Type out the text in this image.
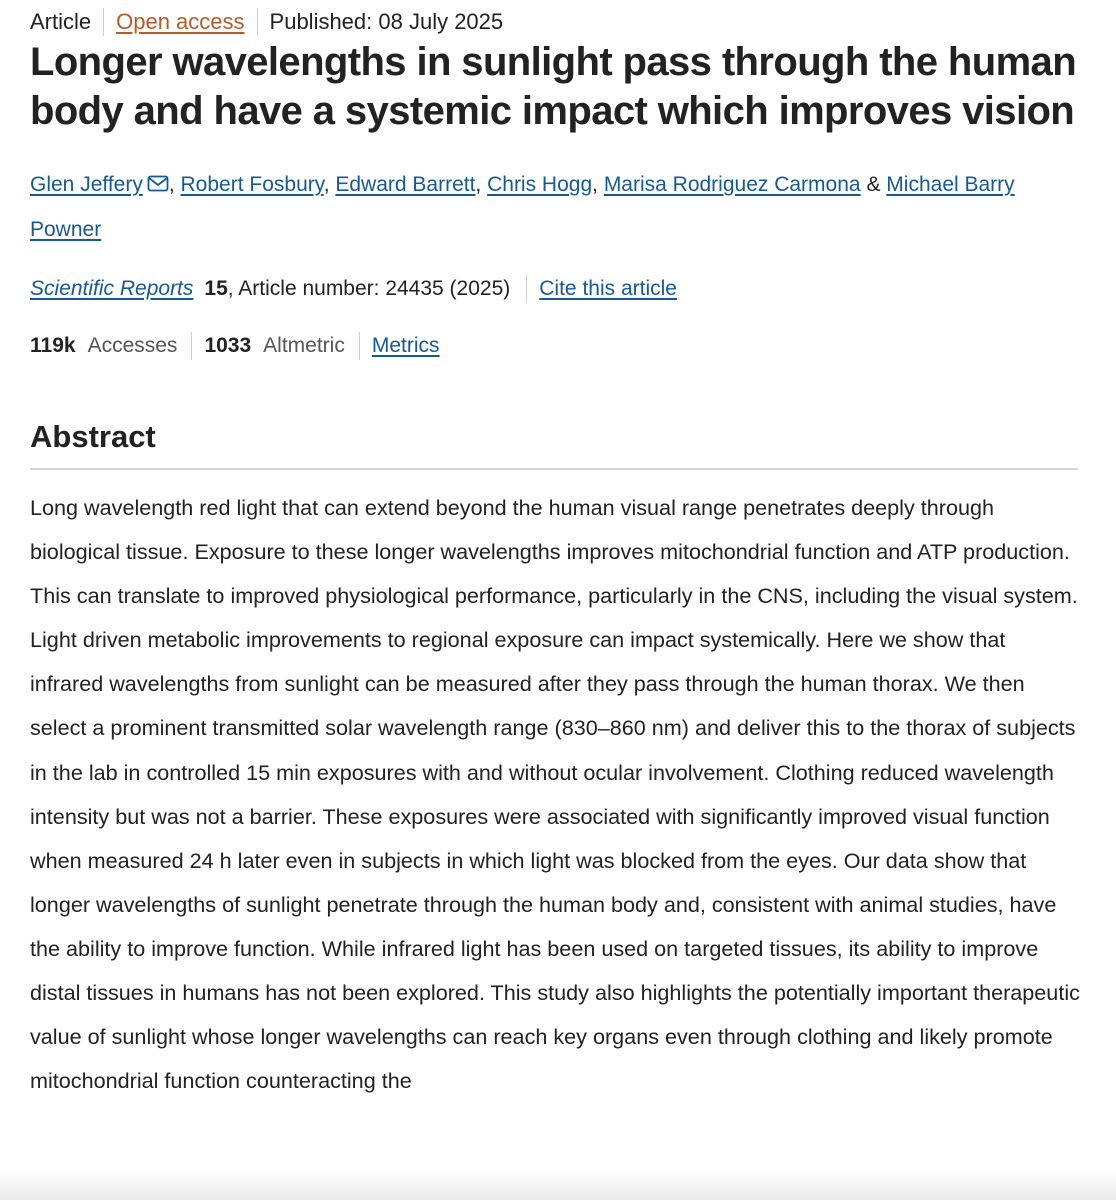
Article Open access Published: 08 July 2025
Longer wavelengths in sunlight pass through the human body and have a systemic impact which improves vision
Glen Jeffery , Robert Fosbury, Edward Barrett, Chris Hogg, Marisa Rodriguez Carmona & Michael Barry Powner
Scientific Reports 15 , Article number: 24435 (2025) Cite this article
119k Accesses 1033 Altmetric Metrics
Abstract

Long wavelength red light that can extend beyond the human visual range penetrates deeply through biological tissue. Exposure to these longer wavelengths improves mitochondrial function and ATP production. This can translate to improved physiological performance, particularly in the CNS, including the visual system. Light driven metabolic improvements to regional exposure can impact systemically. Here we show that infrared wavelengths from sunlight can be measured after they pass through the human thorax. We then select a prominent transmitted solar wavelength range (830–860 nm) and deliver this to the thorax of subjects in the lab in controlled 15 min exposures with and without ocular involvement. Clothing reduced wavelength intensity but was not a barrier. These exposures were associated with significantly improved visual function when measured 24 h later even in subjects in which light was blocked from the eyes. Our data show that longer wavelengths of sunlight penetrate through the human body and, consistent with animal studies, have the ability to improve function. While infrared light has been used on targeted tissues, its ability to improve distal tissues in humans has not been explored. This study also highlights the potentially important therapeutic value of sunlight whose longer wavelengths can reach key organs even through clothing and likely promote mitochondrial function counteracting the
